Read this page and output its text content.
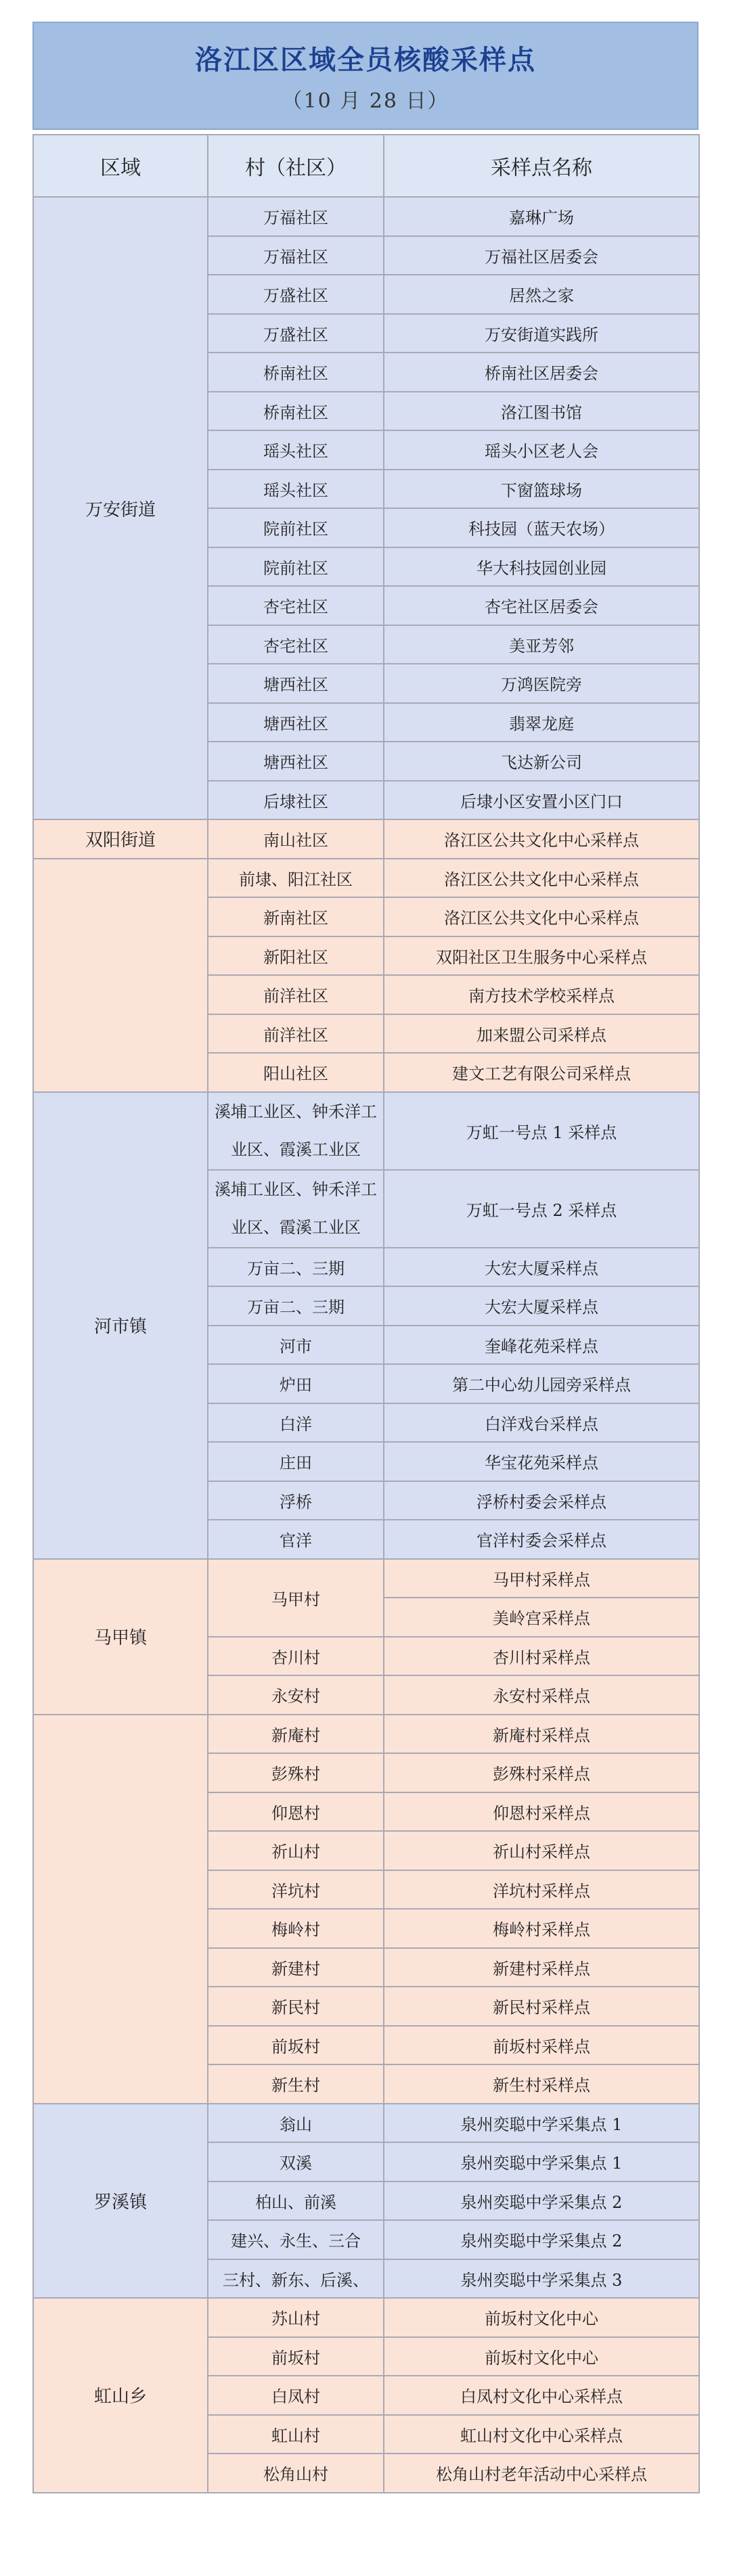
洛江区区域全员核酸采样点
（10 月 28 日）
区域	村（社区）	采样点名称
万安街道	万福社区	嘉琳广场
	万福社区	万福社区居委会
	万盛社区	居然之家
	万盛社区	万安街道实践所
	桥南社区	桥南社区居委会
	桥南社区	洛江图书馆
	瑶头社区	瑶头小区老人会
	瑶头社区	下窗篮球场
	院前社区	科技园（蓝天农场）
	院前社区	华大科技园创业园
	杏宅社区	杏宅社区居委会
	杏宅社区	美亚芳邻
	塘西社区	万鸿医院旁
	塘西社区	翡翠龙庭
	塘西社区	飞达新公司
	后埭社区	后埭小区安置小区门口
双阳街道	南山社区	洛江区公共文化中心采样点
	前埭、阳江社区	洛江区公共文化中心采样点
	新南社区	洛江区公共文化中心采样点
	新阳社区	双阳社区卫生服务中心采样点
	前洋社区	南方技术学校采样点
	前洋社区	加来盟公司采样点
	阳山社区	建文工艺有限公司采样点
河市镇	溪埔工业区、钟禾洋工业区、霞溪工业区	万虹一号点 1 采样点
	溪埔工业区、钟禾洋工业区、霞溪工业区	万虹一号点 2 采样点
	万亩二、三期	大宏大厦采样点
	万亩二、三期	大宏大厦采样点
	河市	奎峰花苑采样点
	炉田	第二中心幼儿园旁采样点
	白洋	白洋戏台采样点
	庄田	华宝花苑采样点
	浮桥	浮桥村委会采样点
	官洋	官洋村委会采样点
马甲镇	马甲村	马甲村采样点
		美岭宫采样点
	杏川村	杏川村采样点
	永安村	永安村采样点
	新庵村	新庵村采样点
	彭殊村	彭殊村采样点
	仰恩村	仰恩村采样点
	祈山村	祈山村采样点
	洋坑村	洋坑村采样点
	梅岭村	梅岭村采样点
	新建村	新建村采样点
	新民村	新民村采样点
	前坂村	前坂村采样点
	新生村	新生村采样点
罗溪镇	翁山	泉州奕聪中学采集点 1
	双溪	泉州奕聪中学采集点 1
	柏山、前溪	泉州奕聪中学采集点 2
	建兴、永生、三合	泉州奕聪中学采集点 2
	三村、新东、后溪、	泉州奕聪中学采集点 3
虹山乡	苏山村	前坂村文化中心
	前坂村	前坂村文化中心
	白凤村	白凤村文化中心采样点
	虹山村	虹山村文化中心采样点
	松角山村	松角山村老年活动中心采样点
